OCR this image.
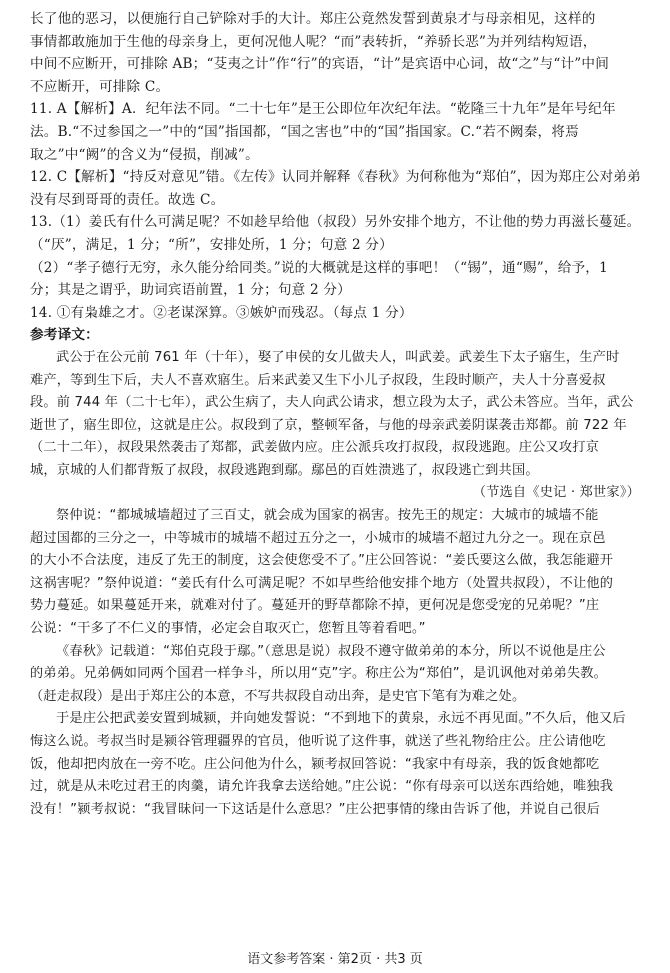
长了他的恶习，以便施行自己铲除对手的大计。郑庄公竟然发誓到黄泉才与母亲相见，这样的
事情都敢施加于生他的母亲身上，更何况他人呢？“而”表转折，“养骄长恶”为并列结构短语，
中间不应断开，可排除 AB；“芟夷之计”作“行”的宾语，“计”是宾语中心词，故“之”与“计”中间
不应断开，可排除 C。
11. A【解析】A．纪年法不同。“二十七年”是王公即位年次纪年法。“乾隆三十九年”是年号纪年
法。B.“不过参国之一”中的“国”指国都，“国之害也”中的“国”指国家。C.“若不阙秦，将焉
取之”中“阙”的含义为“侵损，削减”。
12. C【解析】“持反对意见”错。《左传》认同并解释《春秋》为何称他为“郑伯”，因为郑庄公对弟弟
没有尽到哥哥的责任。故选 C。
13.（1）姜氏有什么可满足呢？不如趁早给他（叔段）另外安排个地方，不让他的势力再滋长蔓延。
（“厌”，满足，1 分；“所”，安排处所，1 分；句意 2 分）
（2）“孝子德行无穷，永久能分给同类。”说的大概就是这样的事吧！（“锡”，通“赐”，给予，1
分；其是之谓乎，助词宾语前置，1 分；句意 2 分）
14. ①有枭雄之才。②老谋深算。③嫉妒而残忍。（每点 1 分）
参考译文：
武公于在公元前 761 年（十年），娶了申侯的女儿做夫人，叫武姜。武姜生下太子寤生，生产时
难产，等到生下后，夫人不喜欢寤生。后来武姜又生下小儿子叔段，生段时顺产，夫人十分喜爱叔
段。前 744 年（二十七年），武公生病了，夫人向武公请求，想立段为太子，武公未答应。当年，武公
逝世了，寤生即位，这就是庄公。叔段到了京，整顿军备，与他的母亲武姜阴谋袭击郑都。前 722 年
（二十二年），叔段果然袭击了郑都，武姜做内应。庄公派兵攻打叔段，叔段逃跑。庄公又攻打京
城，京城的人们都背叛了叔段，叔段逃跑到鄢。鄢邑的百姓溃逃了，叔段逃亡到共国。
（节选自《史记 · 郑世家》）
祭仲说：“都城城墙超过了三百丈，就会成为国家的祸害。按先王的规定：大城市的城墙不能
超过国都的三分之一，中等城市的城墙不超过五分之一，小城市的城墙不超过九分之一。现在京邑
的大小不合法度，违反了先王的制度，这会使您受不了。”庄公回答说：“姜氏要这么做，我怎能避开
这祸害呢？”祭仲说道：“姜氏有什么可满足呢？不如早些给他安排个地方（处置共叔段），不让他的
势力蔓延。如果蔓延开来，就难对付了。蔓延开的野草都除不掉，更何况是您受宠的兄弟呢？”庄
公说：“干多了不仁义的事情，必定会自取灭亡，您暂且等着看吧。”
《春秋》记载道：“郑伯克段于鄢。”（意思是说）叔段不遵守做弟弟的本分，所以不说他是庄公
的弟弟。兄弟俩如同两个国君一样争斗，所以用“克”字。称庄公为“郑伯”，是讥讽他对弟弟失教。
（赶走叔段）是出于郑庄公的本意，不写共叔段自动出奔，是史官下笔有为难之处。
于是庄公把武姜安置到城颍，并向她发誓说：“不到地下的黄泉，永远不再见面。”不久后，他又后
悔这么说。考叔当时是颍谷管理疆界的官员，他听说了这件事，就送了些礼物给庄公。庄公请他吃
饭，他却把肉放在一旁不吃。庄公问他为什么，颍考叔回答说：“我家中有母亲，我的饭食她都吃
过，就是从未吃过君王的肉羹，请允许我拿去送给她。”庄公说：“你有母亲可以送东西给她，唯独我
没有！”颍考叔说：“我冒昧问一下这话是什么意思？”庄公把事情的缘由告诉了他，并说自己很后
语文参考答案 · 第2页 · 共3 页
